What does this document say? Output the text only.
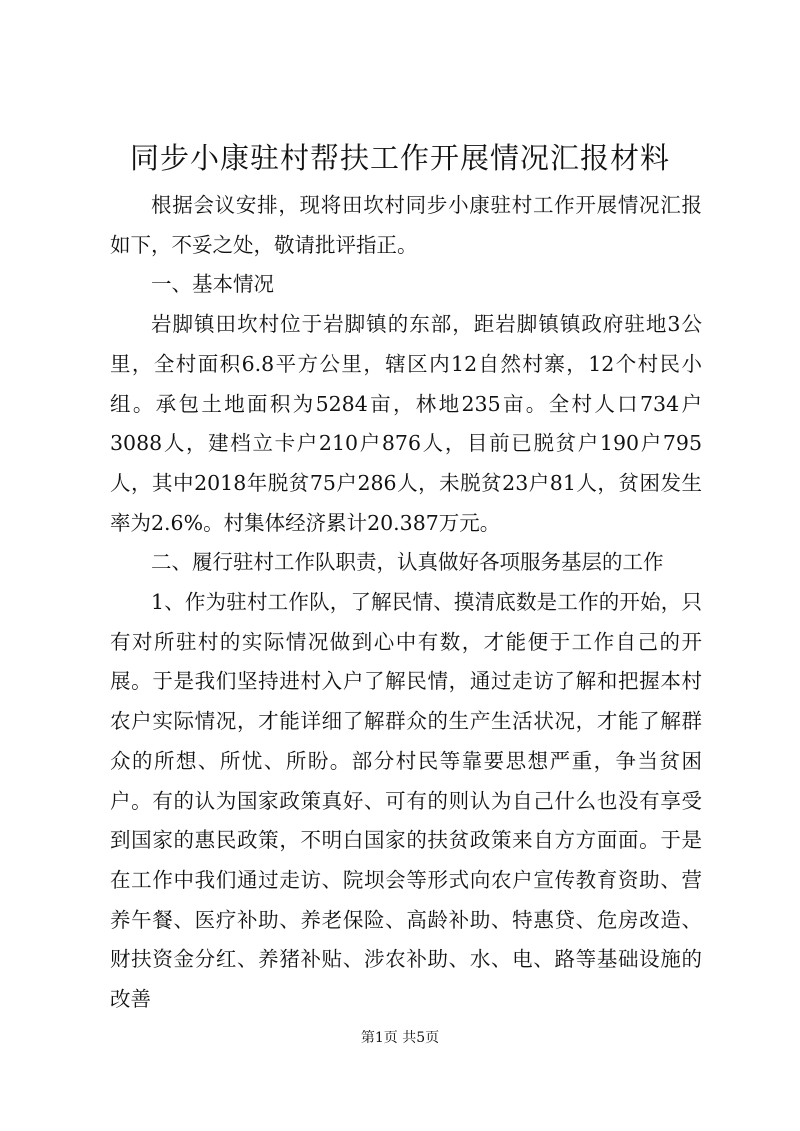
同步小康驻村帮扶工作开展情况汇报材料

根据会议安排，现将田坎村同步小康驻村工作开展情况汇报如下，不妥之处，敬请批评指正。

一、基本情况

岩脚镇田坎村位于岩脚镇的东部，距岩脚镇镇政府驻地3公里，全村面积6.8平方公里，辖区内12自然村寨，12个村民小组。承包土地面积为5284亩，林地235亩。全村人口734户3088人，建档立卡户210户876人，目前已脱贫户190户795人，其中2018年脱贫75户286人，未脱贫23户81人，贫困发生率为2.6%。村集体经济累计20.387万元。

二、履行驻村工作队职责，认真做好各项服务基层的工作

1、作为驻村工作队，了解民情、摸清底数是工作的开始，只有对所驻村的实际情况做到心中有数，才能便于工作自己的开展。于是我们坚持进村入户了解民情，通过走访了解和把握本村农户实际情况，才能详细了解群众的生产生活状况，才能了解群众的所想、所忧、所盼。部分村民等靠要思想严重，争当贫困户。有的认为国家政策真好、可有的则认为自己什么也没有享受到国家的惠民政策，不明白国家的扶贫政策来自方方面面。于是在工作中我们通过走访、院坝会等形式向农户宣传教育资助、营养午餐、医疗补助、养老保险、高龄补助、特惠贷、危房改造、财扶资金分红、养猪补贴、涉农补助、水、电、路等基础设施的改善

第1页 共5页
